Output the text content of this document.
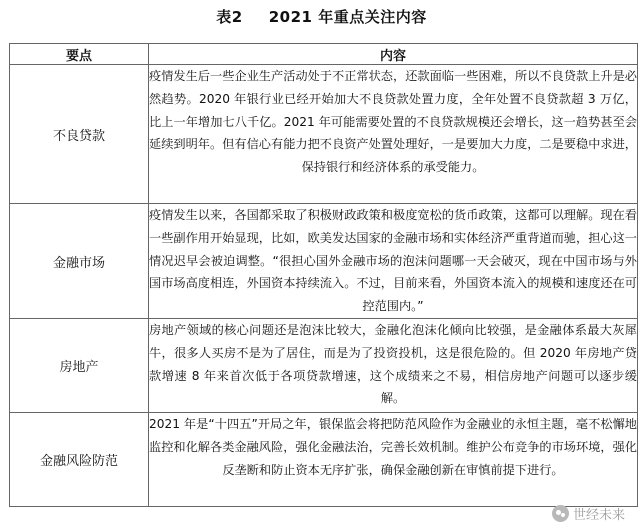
表2 2021 年重点关注内容
要点	内容
不良贷款	疫情发生后一些企业生产活动处于不正常状态，还款面临一些困难，所以不良贷款上升是必然趋势。2020 年银行业已经开始加大不良贷款处置力度，全年处置不良贷款超 3 万亿，比上一年增加七八千亿。2021 年可能需要处置的不良贷款规模还会增长，这一趋势甚至会延续到明年。但有信心有能力把不良资产处置处理好，一是要加大力度，二是要稳中求进，保持银行和经济体系的承受能力。
金融市场	疫情发生以来，各国都采取了积极财政政策和极度宽松的货币政策，这都可以理解。现在看一些副作用开始显现，比如，欧美发达国家的金融市场和实体经济严重背道而驰，担心这一情况迟早会被迫调整。“很担心国外金融市场的泡沫问题哪一天会破灭，现在中国市场与外国市场高度相连，外国资本持续流入。不过，目前来看，外国资本流入的规模和速度还在可控范围内。”
房地产	房地产领域的核心问题还是泡沫比较大，金融化泡沫化倾向比较强，是金融体系最大灰犀牛，很多人买房不是为了居住，而是为了投资投机，这是很危险的。但 2020 年房地产贷款增速 8 年来首次低于各项贷款增速，这个成绩来之不易，相信房地产问题可以逐步缓解。
金融风险防范	2021 年是“十四五”开局之年，银保监会将把防范风险作为金融业的永恒主题，毫不松懈地监控和化解各类金融风险，强化金融法治，完善长效机制。维护公布竞争的市场环境，强化反垄断和防止资本无序扩张，确保金融创新在审慎前提下进行。
世经未来
